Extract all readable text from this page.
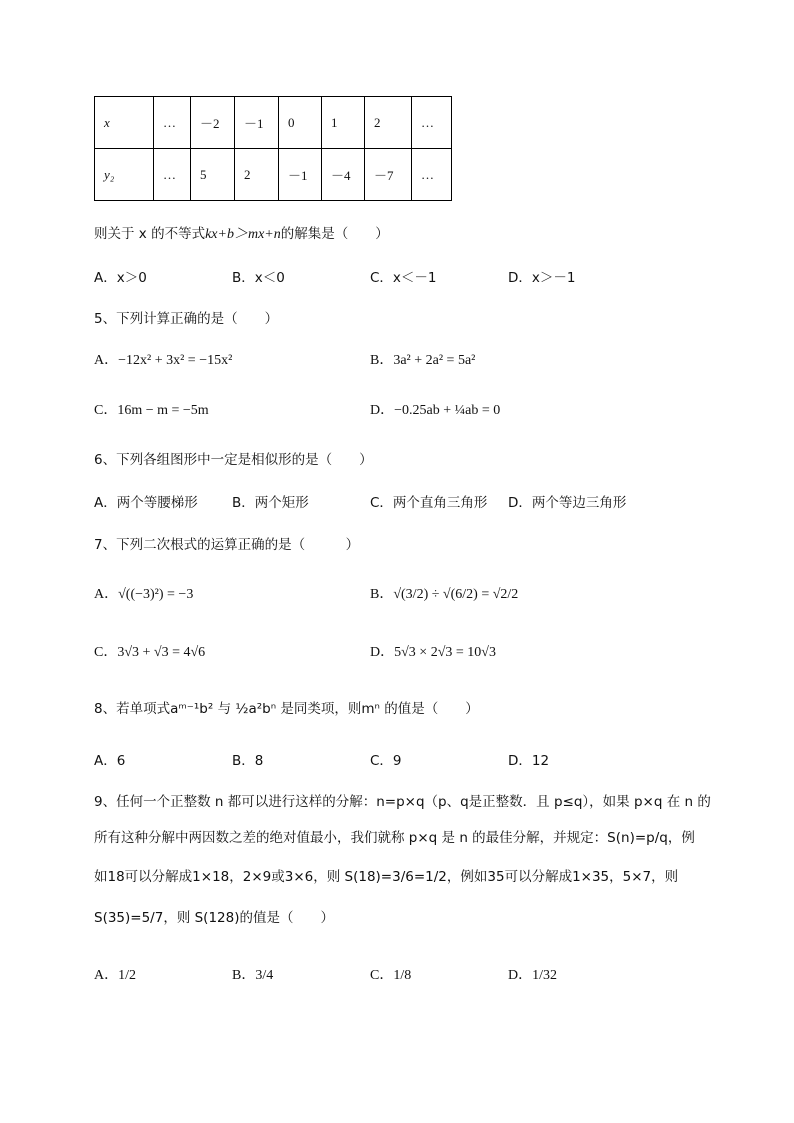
x	…	－2	－1	0	1	2	…
y₂	…	5	2	－1	－4	－7	…
则关于 x 的不等式kx+b＞mx+n的解集是（　　）
A．x＞0	B．x＜0	C．x＜－1	D．x＞－1
5、下列计算正确的是（　　）
A．−12x² + 3x² = −15x²	B．3a² + 2a² = 5a²
C．16m − m = −5m	D．−0.25ab + ¼ab = 0
6、下列各组图形中一定是相似形的是（　　）
A．两个等腰梯形	B．两个矩形	C．两个直角三角形 D．两个等边三角形
7、下列二次根式的运算正确的是（　　　）
A．√((−3)²) = −3	B．√(3/2) ÷ √(6/2) = √2/2
C．3√3 + √3 = 4√6	D．5√3 × 2√3 = 10√3
8、若单项式aᵐ⁻¹b² 与 ½a²bⁿ 是同类项，则mⁿ 的值是（　　）
A．6	B．8	C．9	D．12
9、任何一个正整数 n 都可以进行这样的分解：n=p×q（p、q是正整数．且 p≤q），如果 p×q 在 n 的
所有这种分解中两因数之差的绝对值最小，我们就称 p×q 是 n 的最佳分解，并规定：S(n)=p/q，例
如18可以分解成1×18，2×9或3×6，则 S(18)=3/6=1/2，例如35可以分解成1×35，5×7，则
S(35)=5/7，则 S(128)的值是（　　）
A．1/2	B．3/4	C．1/8	D．1/32
